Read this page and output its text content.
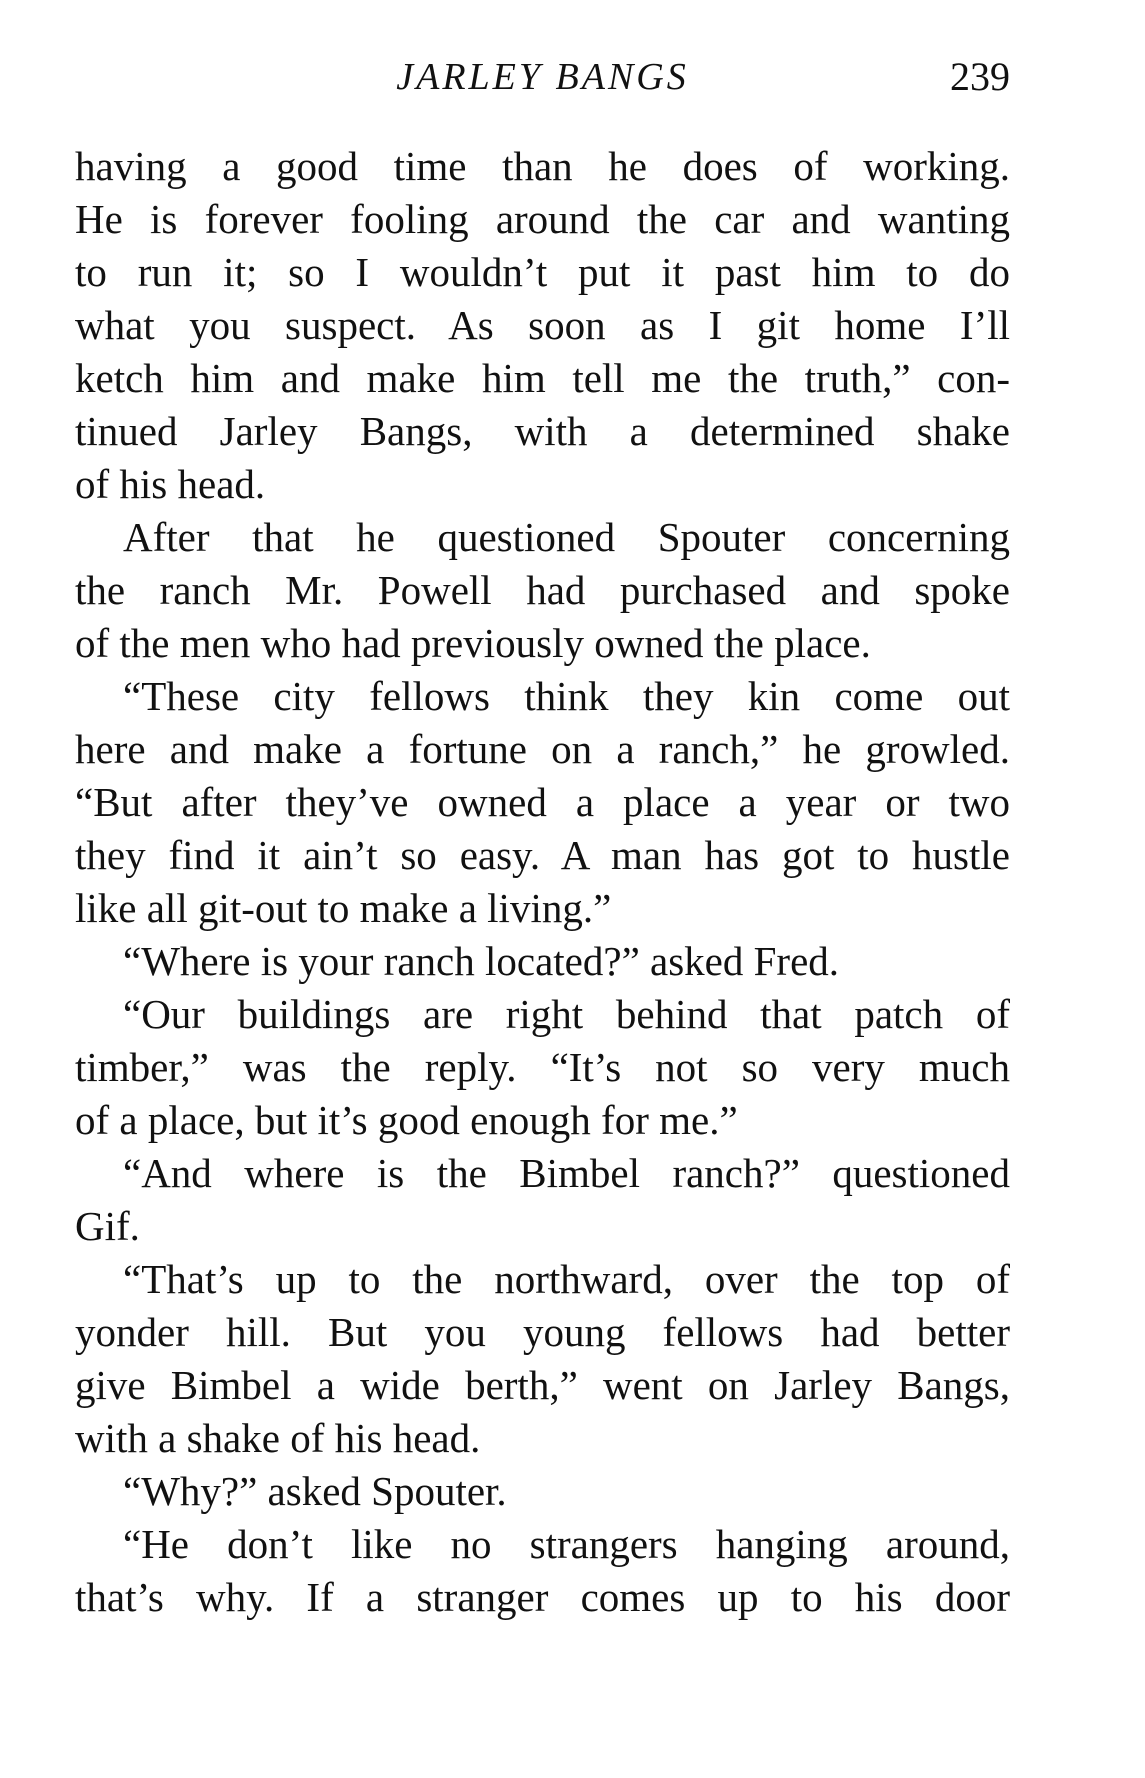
JARLEY BANGS	239
having a good time than he does of working.
He is forever fooling around the car and wanting
to run it; so I wouldn’t put it past him to do
what you suspect. As soon as I git home I’ll
ketch him and make him tell me the truth,” con-
tinued Jarley Bangs, with a determined shake
of his head.
After that he questioned Spouter concerning
the ranch Mr. Powell had purchased and spoke
of the men who had previously owned the place.
“These city fellows think they kin come out
here and make a fortune on a ranch,” he growled.
“But after they’ve owned a place a year or two
they find it ain’t so easy. A man has got to hustle
like all git-out to make a living.”
“Where is your ranch located?” asked Fred.
“Our buildings are right behind that patch of
timber,” was the reply. “It’s not so very much
of a place, but it’s good enough for me.”
“And where is the Bimbel ranch?” questioned
Gif.
“That’s up to the northward, over the top of
yonder hill. But you young fellows had better
give Bimbel a wide berth,” went on Jarley Bangs,
with a shake of his head.
“Why?” asked Spouter.
“He don’t like no strangers hanging around,
that’s why. If a stranger comes up to his door
